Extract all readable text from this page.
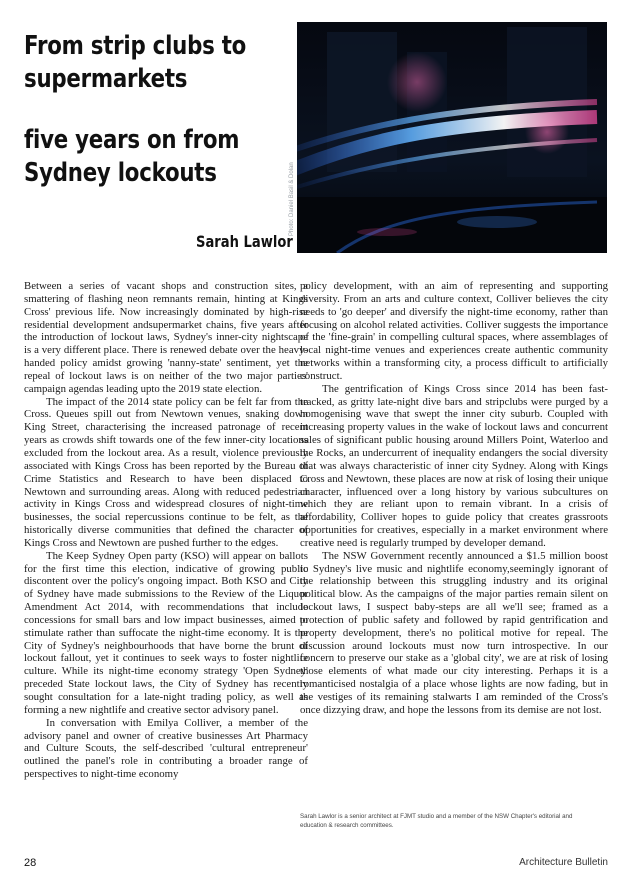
From strip clubs to
supermarkets
five years on from
Sydney lockouts
Sarah Lawlor
Photo: Daniel Basil & Dolan

Between a series of vacant shops and construction sites, a smattering of flashing neon remnants remain, hinting at Kings Cross' previous life. Now increasingly dominated by high-rise residential development andsupermarket chains, five years after the introduction of lockout laws, Sydney's inner-city nightscape is a very different place. There is renewed debate over the heavy-handed policy amidst growing 'nanny-state' sentiment, yet the repeal of lockout laws is on neither of the two major parties' campaign agendas leading upto the 2019 state election.

The impact of the 2014 state policy can be felt far from the Cross. Queues spill out from Newtown venues, snaking down King Street, characterising the increased patronage of recent years as crowds shift towards one of the few inner-city locations excluded from the lockout area. As a result, violence previously associated with Kings Cross has been reported by the Bureau of Crime Statistics and Research to have been displaced to Newtown and surrounding areas. Along with reduced pedestrian activity in Kings Cross and widespread closures of night-time businesses, the social repercussions continue to be felt, as the historically diverse communities that defined the character of Kings Cross and Newtown are pushed further to the edges.

The Keep Sydney Open party (KSO) will appear on ballots for the first time this election, indicative of growing public discontent over the policy's ongoing impact. Both KSO and City of Sydney have made submissions to the Review of the Liquor Amendment Act 2014, with recommendations that include concessions for small bars and low impact businesses, aimed to stimulate rather than suffocate the night-time economy. It is the City of Sydney's neighbourhoods that have borne the brunt of lockout fallout, yet it continues to seek ways to foster nightlife culture. While its night-time economy strategy 'Open Sydney' preceded State lockout laws, the City of Sydney has recently sought consultation for a late-night trading policy, as well as forming a new nightlife and creative sector advisory panel.

In conversation with Emilya Colliver, a member of the advisory panel and owner of creative businesses Art Pharmacy and Culture Scouts, the self-described 'cultural entrepreneur' outlined the panel's role in contributing a broader range of perspectives to night-time economy

policy development, with an aim of representing and supporting diversity. From an arts and culture context, Colliver believes the city needs to 'go deeper' and diversify the night-time economy, rather than focusing on alcohol related activities. Colliver suggests the importance of the 'fine-grain' in compelling cultural spaces, where assemblages of local night-time venues and experiences create authentic community networks within a transforming city, a process difficult to artificially construct.

The gentrification of Kings Cross since 2014 has been fast-tracked, as gritty late-night dive bars and stripclubs were purged by a homogenising wave that swept the inner city suburb. Coupled with increasing property values in the wake of lockout laws and concurrent sales of significant public housing around Millers Point, Waterloo and the Rocks, an undercurrent of inequality endangers the social diversity that was always characteristic of inner city Sydney. Along with Kings Cross and Newtown, these places are now at risk of losing their unique character, influenced over a long history by various subcultures on which they are reliant upon to remain vibrant. In a crisis of affordability, Colliver hopes to guide policy that creates grassroots opportunities for creatives, especially in a market environment where creative need is regularly trumped by developer demand.

The NSW Government recently announced a $1.5 million boost to Sydney's live music and nightlife economy,seemingly ignorant of the relationship between this struggling industry and its original political blow. As the campaigns of the major parties remain silent on lockout laws, I suspect baby-steps are all we'll see; framed as a protection of public safety and followed by rapid gentrification and property development, there's no political motive for repeal. The discussion around lockouts must now turn introspective. In our concern to preserve our stake as a 'global city', we are at risk of losing those elements of what made our city interesting. Perhaps it is a romanticised nostalgia of a place whose lights are now fading, but in the vestiges of its remaining stalwarts I am reminded of the Cross's once dizzying draw, and hope the lessons from its demise are not lost.

Sarah Lawlor is a senior architect at FJMT studio and a member of the NSW Chapter's editorial and education & research committees.
28	Architecture Bulletin
